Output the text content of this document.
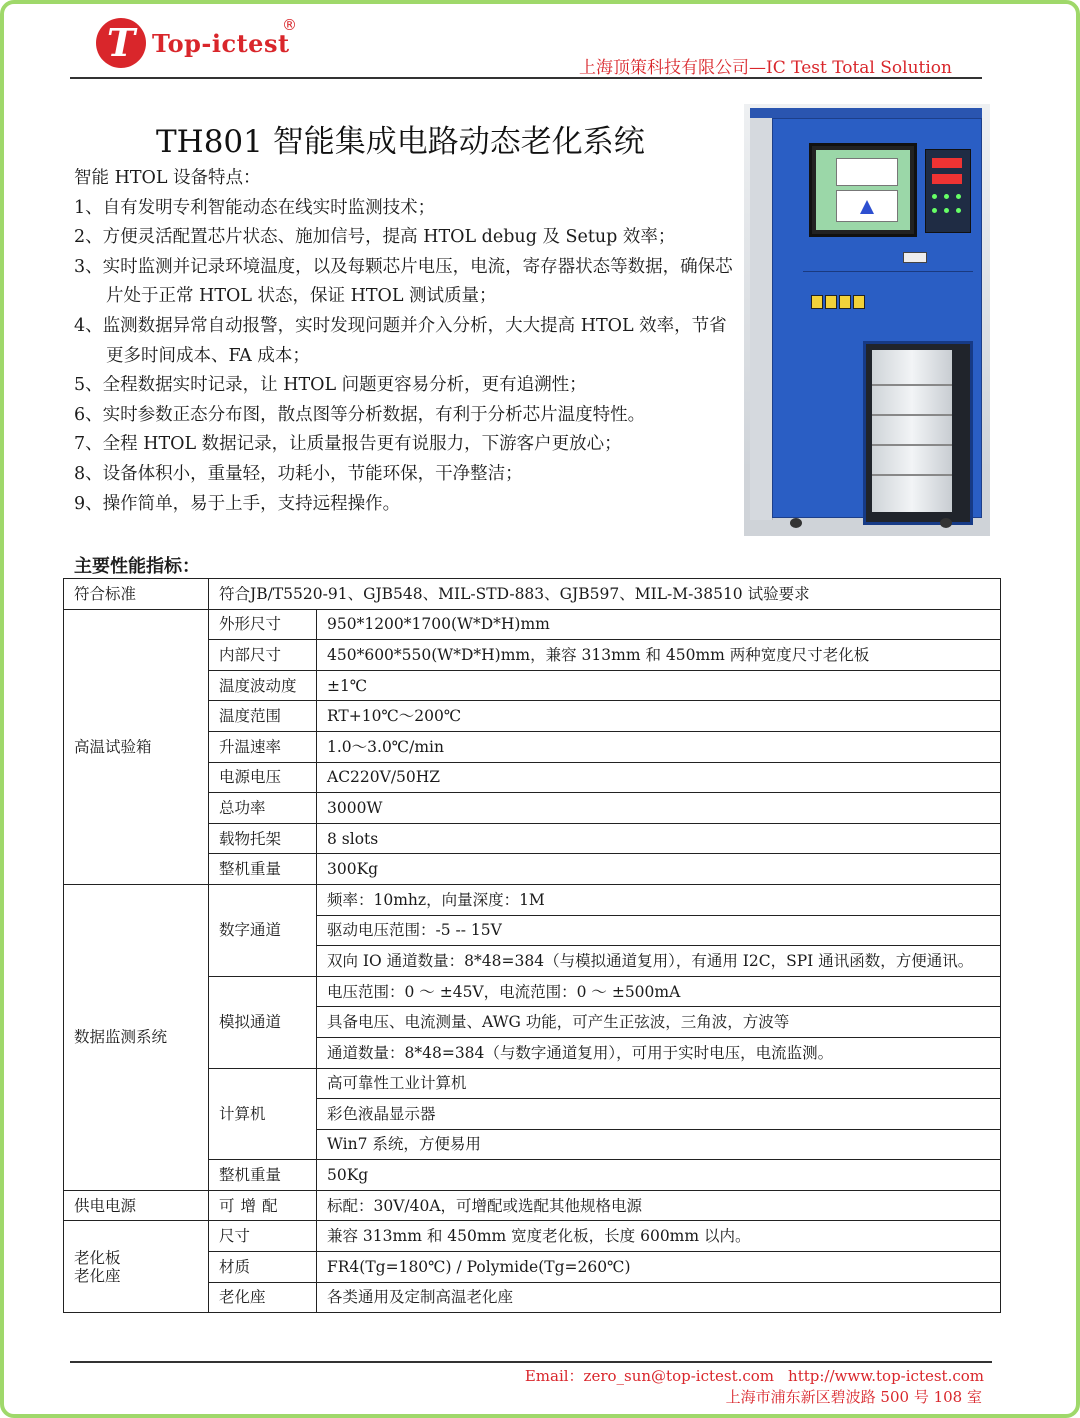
T Top-ictest
®
上海顶策科技有限公司—IC Test Total Solution
TH801 智能集成电路动态老化系统

智能 HTOL 设备特点：

1、自有发明专利智能动态在线实时监测技术；

2、方便灵活配置芯片状态、施加信号，提高 HTOL debug 及 Setup 效率；

3、实时监测并记录环境温度，以及每颗芯片电压，电流，寄存器状态等数据，确保芯片处于正常 HTOL 状态，保证 HTOL 测试质量；

4、监测数据异常自动报警，实时发现问题并介入分析，大大提高 HTOL 效率，节省更多时间成本、FA 成本；

5、全程数据实时记录，让 HTOL 问题更容易分析，更有追溯性；

6、实时参数正态分布图，散点图等分析数据，有利于分析芯片温度特性。

7、全程 HTOL 数据记录，让质量报告更有说服力，下游客户更放心；

8、设备体积小，重量轻，功耗小，节能环保，干净整洁；

9、操作简单，易于上手，支持远程操作。

主要性能指标：

符合标准	符合JB/T5520-91、GJB548、MIL-STD-883、GJB597、MIL-M-38510 试验要求	
高温试验箱	外形尺寸	950*1200*1700(W*D*H)mm
	内部尺寸	450*600*550(W*D*H)mm，兼容 313mm 和 450mm 两种宽度尺寸老化板
	温度波动度	±1℃
	温度范围	RT+10℃～200℃
	升温速率	1.0～3.0℃/min
	电源电压	AC220V/50HZ
	总功率	3000W
	载物托架	8 slots
	整机重量	300Kg
数据监测系统	数字通道	频率：10mhz，向量深度：1M
		驱动电压范围：-5 -- 15V
		双向 IO 通道数量：8*48=384（与模拟通道复用），有通用 I2C，SPI 通讯函数，方便通讯。
	模拟通道	电压范围：0 ～ ±45V，电流范围：0 ～ ±500mA
		具备电压、电流测量、AWG 功能，可产生正弦波，三角波，方波等
		通道数量：8*48=384（与数字通道复用），可用于实时电压，电流监测。
	计算机	高可靠性工业计算机
		彩色液晶显示器
		Win7 系统，方便易用
	整机重量	50Kg
供电电源	可增配	标配：30V/40A，可增配或选配其他规格电源
老化板
老化座	尺寸	兼容 313mm 和 450mm 宽度老化板，长度 600mm 以内。
	材质	FR4(Tg=180℃) / Polymide(Tg=260℃)
	老化座	各类通用及定制高温老化座
Email：zero_sun@top-ictest.com http://www.top-ictest.com
上海市浦东新区碧波路 500 号 108 室
